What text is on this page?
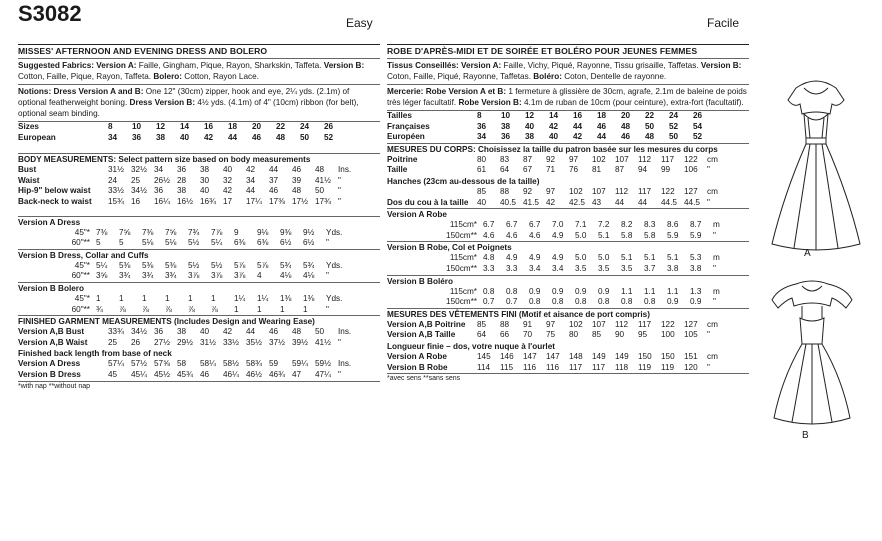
S3082	Easy	Facile
MISSES' AFTERNOON AND EVENING DRESS AND BOLERO
Suggested Fabrics: Version A: Faille, Gingham, Pique, Rayon, Sharkskin, Taffeta. Version B: Cotton, Faille, Pique, Rayon, Taffeta. Bolero: Cotton, Rayon Lace.
Notions: Dress Version A and B: One 12" (30cm) zipper, hook and eye, 2¼ yds. (2.1m) of optional featherweight boning. Dress Version B: 4½ yds. (4.1m) of 4" (10cm) ribbon (for belt), optional seam binding.
Sizes	8	10	12	14	16	18	20	22	24	26
European	34	36	38	40	42	44	46	48	50	52
BODY MEASUREMENTS: Select pattern size based on body measurements
Bust	31½	32½	34	36	38	40	42	44	46	48	Ins.
Waist	24	25	26½	28	30	32	34	37	39	41½	"
Hip-9" below waist	33½	34½	36	38	40	42	44	46	48	50	"
Back-neck to waist	15¾	16	16¼	16½	16¾	17	17¼	17⅜	17½	17¾	"
Version A Dress
45"*	7⅜	7⅝	7⅜	7⅝	7¾	7⅞	9	9⅛	9⅜	9½	Yds.
60"**	5	5	5⅛	5⅛	5½	5¼	6⅜	6⅜	6½	6½	"
Version B Dress, Collar and Cuffs
45"*	5¼	5⅜	5⅜	5⅜	5½	5½	5⅞	5⅞	5¾	5¾	Yds.
60"**	3⅝	3¾	3¾	3¾	3⅞	3⅞	3⅞	4	4⅛	4⅛	"
Version B Bolero
45"*	1	1	1	1	1	1	1¼	1¼	1⅜	1⅜	Yds.
60"**	¾	⅞	⅞	⅞	⅞	⅞	1	1	1	1	"
FINISHED GARMENT MEASUREMENTS (Includes Design and Wearing Ease)
Version A,B Bust	33¾	34½	36	38	40	42	44	46	48	50	Ins.
Version A,B Waist	25	26	27½	29½	31½	33½	35½	37½	39½	41½	"
Finished back length from base of neck
Version A Dress	57¼	57½	57⅝	58	58¼	58½	58¾	59	59¼	59½	Ins.
Version B Dress	45	45¼	45½	45¾	46	46¼	46½	46¾	47	47¼	"
*with nap **without nap
ROBE D'APRÈS-MIDI ET DE SOIRÉE ET BOLÉRO POUR JEUNES FEMMES
Tissus Conseillés: Version A: Faille, Vichy, Piqué, Rayonne, Tissu grisaille, Taffetas. Version B: Coton, Faille, Piqué, Rayonne, Taffetas. Boléro: Coton, Dentelle de rayonne.
Mercerie: Robe Version A et B: 1 fermeture à glissière de 30cm, agrafe, 2.1m de baleine de poids très léger facultatif. Robe Version B: 4.1m de ruban de 10cm (pour ceinture), extra-fort (facultatif).
Tailles	8	10	12	14	16	18	20	22	24	26
Françaises	36	38	40	42	44	46	48	50	52	54
Européen	34	36	38	40	42	44	46	48	50	52
MESURES DU CORPS: Choisissez la taille du patron basée sur les mesures du corps
Poitrine	80	83	87	92	97	102	107	112	117	122	cm
Taille	61	64	67	71	76	81	87	94	99	106	"
Hanches (23cm au-dessous de la taille)
	85	88	92	97	102	107	112	117	122	127	cm
Dos du cou à la taille	40	40.5	41.5	42	42.5	43	44	44	44.5	44.5	"
Version A Robe
115cm*	6.7	6.7	6.7	7.0	7.1	7.2	8.2	8.3	8.6	8.7	m
150cm**	4.6	4.6	4.6	4.9	5.0	5.1	5.8	5.8	5.9	5.9	"
Version B Robe, Col et Poignets
115cm*	4.8	4.9	4.9	4.9	5.0	5.0	5.1	5.1	5.1	5.3	m
150cm**	3.3	3.3	3.4	3.4	3.5	3.5	3.5	3.7	3.8	3.8	"
Version B Boléro
115cm*	0.8	0.8	0.9	0.9	0.9	0.9	1.1	1.1	1.1	1.3	m
150cm**	0.7	0.7	0.8	0.8	0.8	0.8	0.8	0.8	0.9	0.9	"
MESURES DES VÊTEMENTS FINI (Motif et aisance de port compris)
Version A,B Poitrine	85	88	91	97	102	107	112	117	122	127	cm
Version A,B Taille	64	66	70	75	80	85	90	95	100	105	"
Longueur finie – dos, votre nuque à l'ourlet
Version A Robe	145	146	147	147	148	149	149	150	150	151	cm
Version B Robe	114	115	116	116	117	117	118	119	119	120	"
*avec sens **sans sens
A
B
